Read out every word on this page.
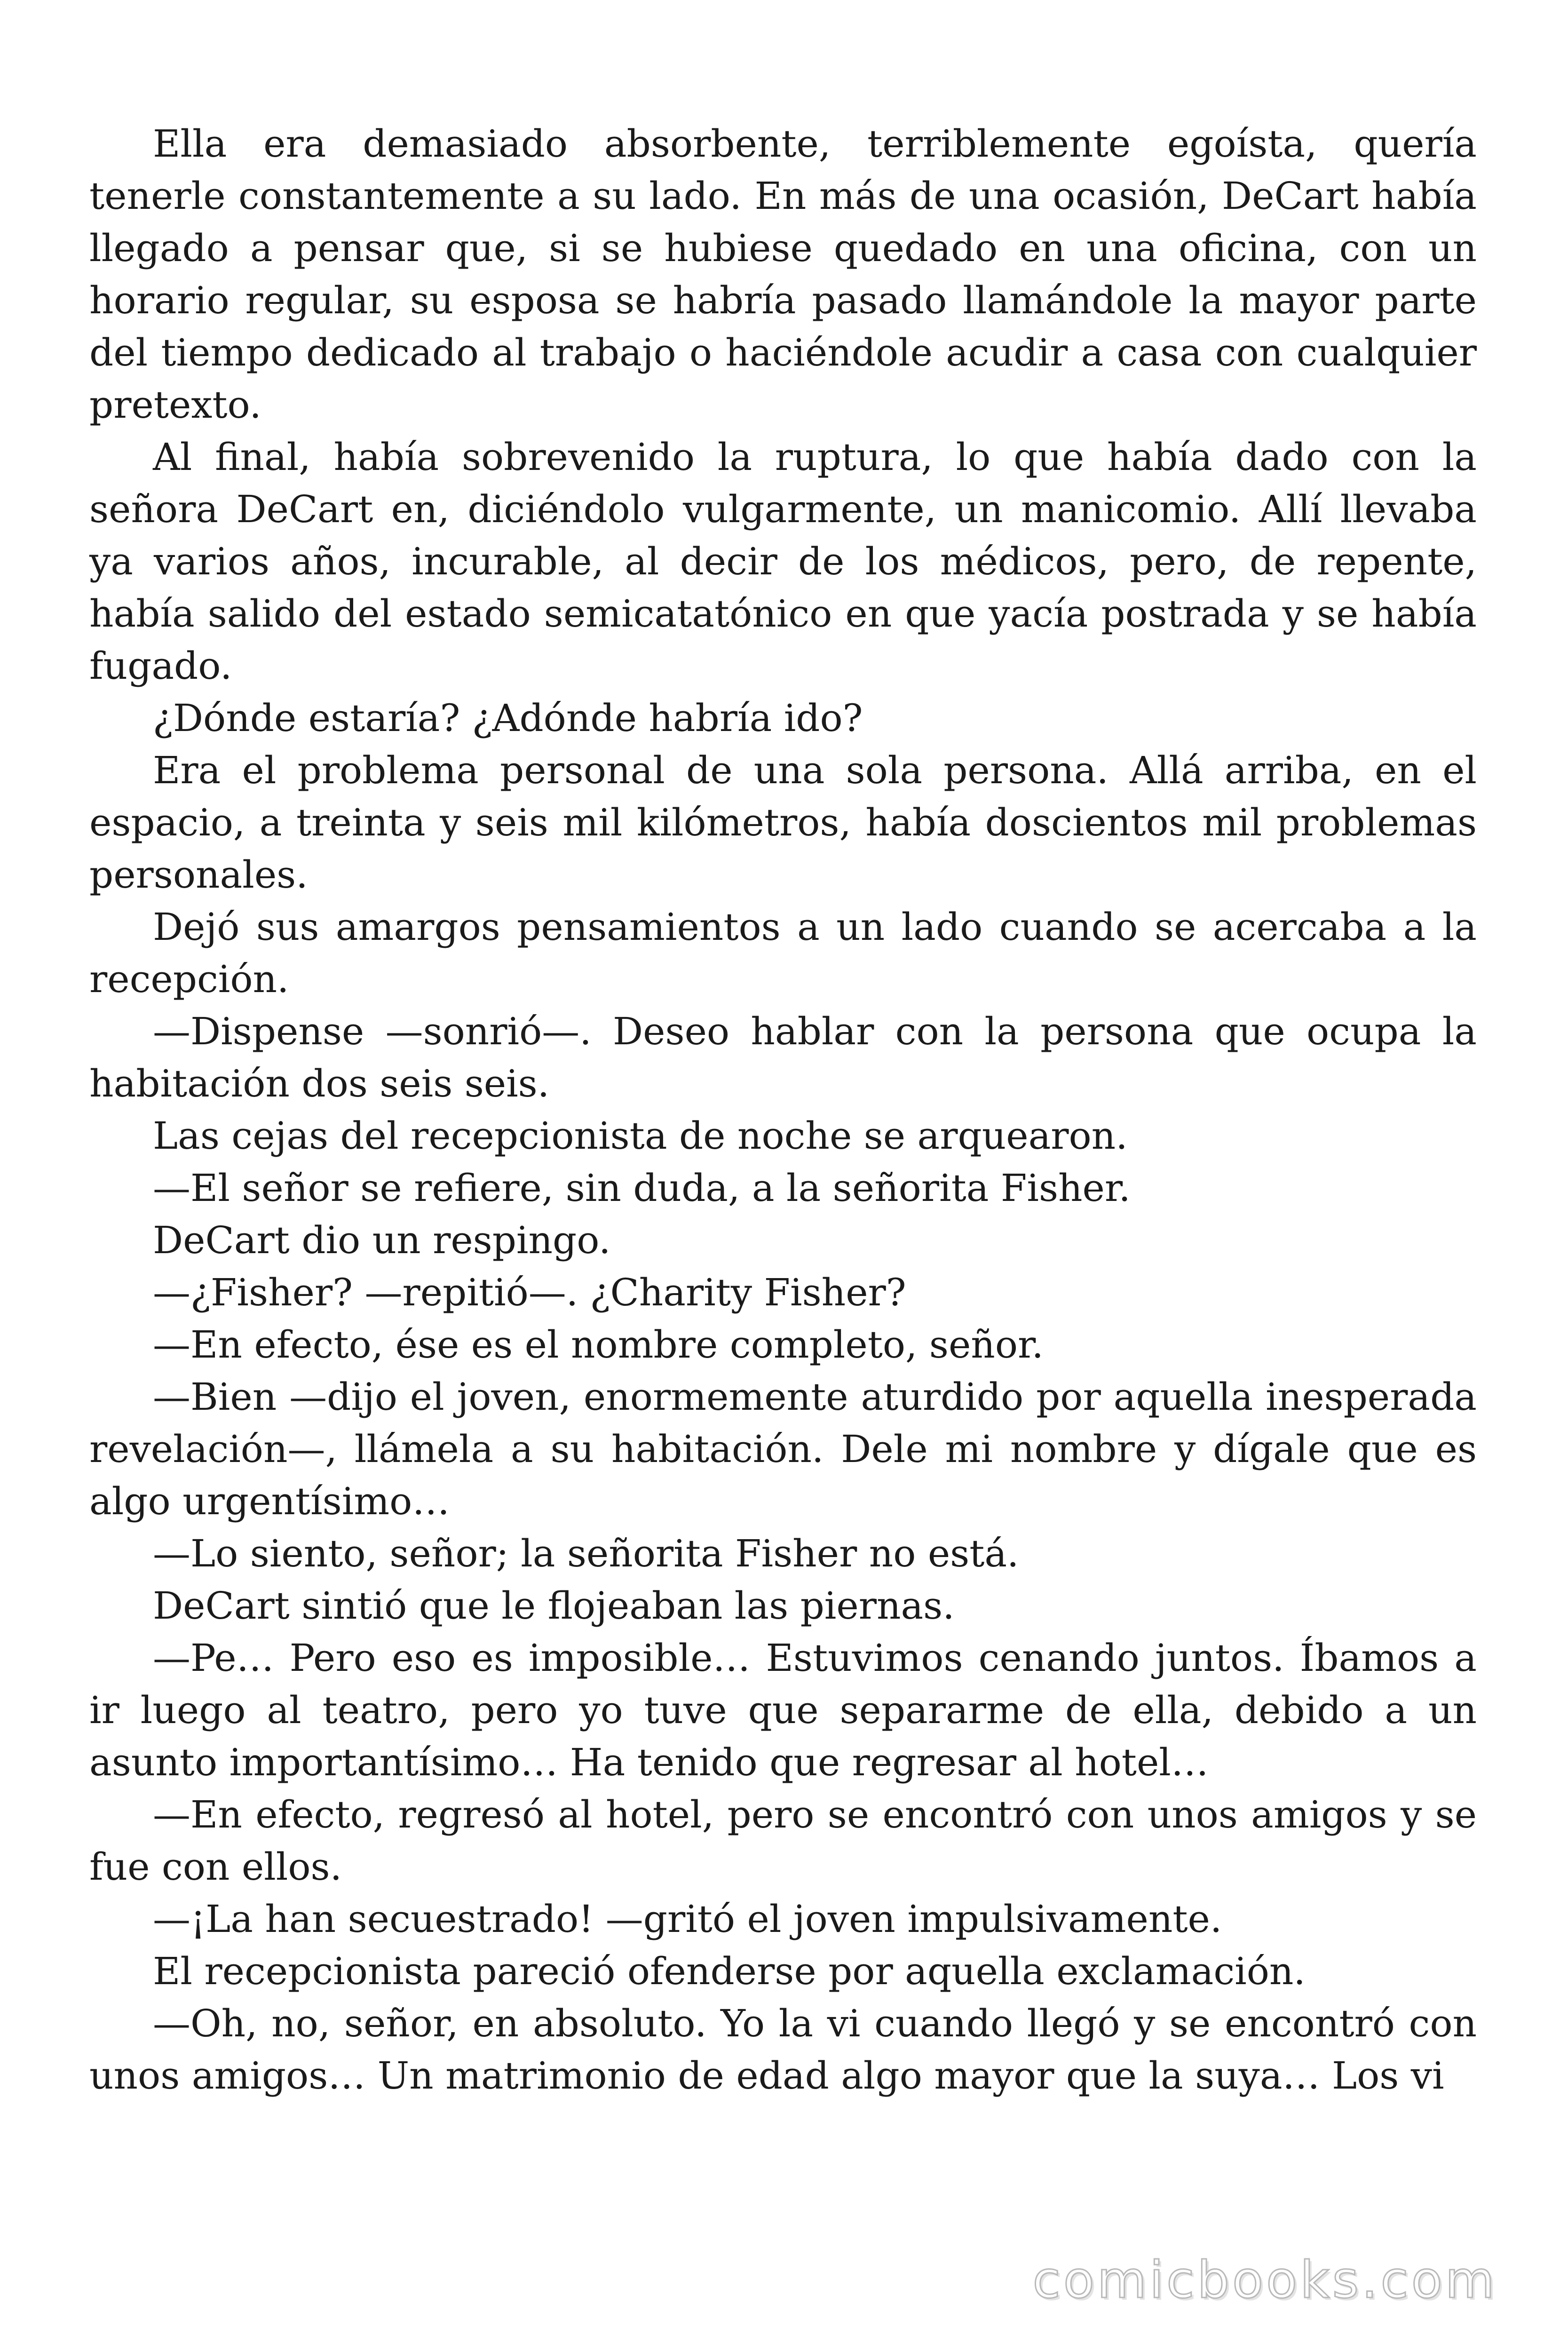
Ella era demasiado absorbente, terriblemente egoísta, quería tenerle constantemente a su lado. En más de una ocasión, DeCart había llegado a pensar que, si se hubiese quedado en una oficina, con un horario regular, su esposa se habría pasado llamándole la mayor parte del tiempo dedicado al trabajo o haciéndole acudir a casa con cualquier pretexto.

Al final, había sobrevenido la ruptura, lo que había dado con la señora DeCart en, diciéndolo vulgarmente, un manicomio. Allí llevaba ya varios años, incurable, al decir de los médicos, pero, de repente, había salido del estado semicatatónico en que yacía postrada y se había fugado.

¿Dónde estaría? ¿Adónde habría ido?

Era el problema personal de una sola persona. Allá arriba, en el espacio, a treinta y seis mil kilómetros, había doscientos mil problemas personales.

Dejó sus amargos pensamientos a un lado cuando se acercaba a la recepción.

—Dispense —sonrió—. Deseo hablar con la persona que ocupa la habitación dos seis seis.

Las cejas del recepcionista de noche se arquearon.

—El señor se refiere, sin duda, a la señorita Fisher.

DeCart dio un respingo.

—¿Fisher? —repitió—. ¿Charity Fisher?

—En efecto, ése es el nombre completo, señor.

—Bien —dijo el joven, enormemente aturdido por aquella inesperada revelación—, llámela a su habitación. Dele mi nombre y dígale que es algo urgentísimo…

—Lo siento, señor; la señorita Fisher no está.

DeCart sintió que le flojeaban las piernas.

—Pe… Pero eso es imposible… Estuvimos cenando juntos. Íbamos a ir luego al teatro, pero yo tuve que separarme de ella, debido a un asunto importantísimo… Ha tenido que regresar al hotel…

—En efecto, regresó al hotel, pero se encontró con unos amigos y se fue con ellos.

—¡La han secuestrado! —gritó el joven impulsivamente.

El recepcionista pareció ofenderse por aquella exclamación.

—Oh, no, señor, en absoluto. Yo la vi cuando llegó y se encontró con unos amigos… Un matrimonio de edad algo mayor que la suya… Los vi

comicbooks.com
